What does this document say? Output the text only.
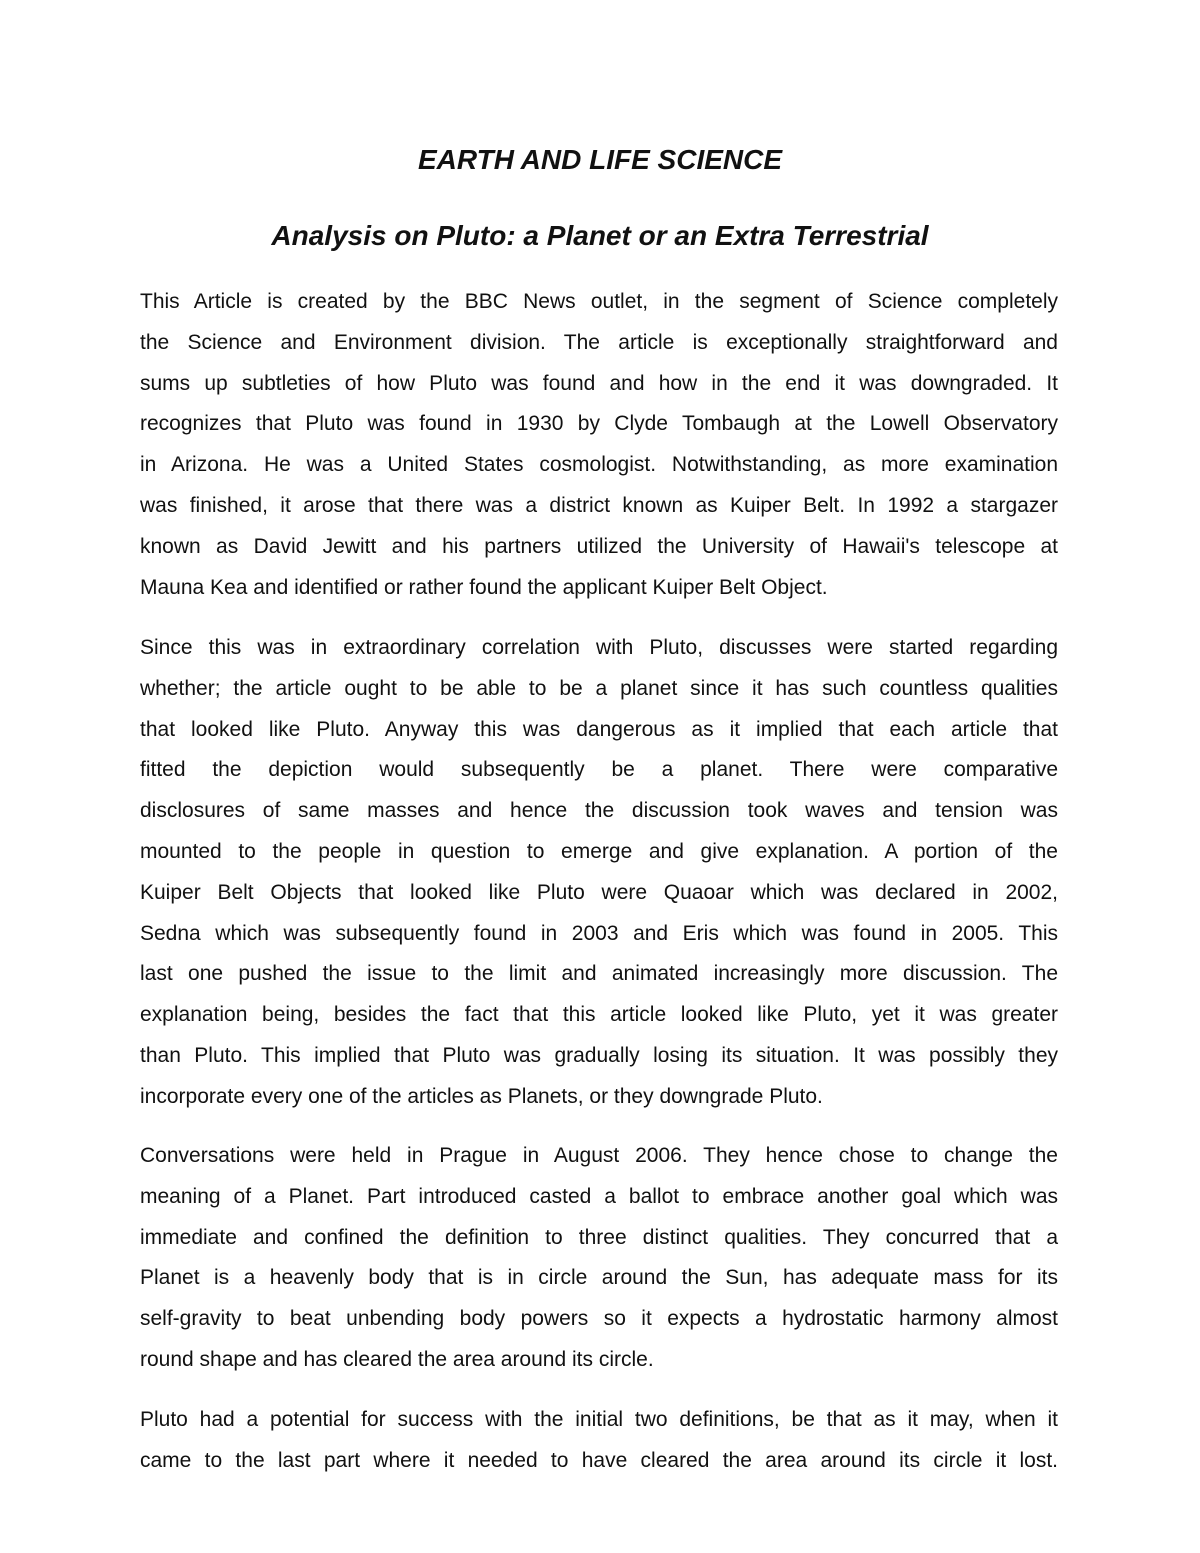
EARTH AND LIFE SCIENCE
Analysis on Pluto: a Planet or an Extra Terrestrial
This Article is created by the BBC News outlet, in the segment of Science completely
the Science and Environment division. The article is exceptionally straightforward and
sums up subtleties of how Pluto was found and how in the end it was downgraded. It
recognizes that Pluto was found in 1930 by Clyde Tombaugh at the Lowell Observatory
in Arizona. He was a United States cosmologist. Notwithstanding, as more examination
was finished, it arose that there was a district known as Kuiper Belt. In 1992 a stargazer
known as David Jewitt and his partners utilized the University of Hawaii's telescope at
Mauna Kea and identified or rather found the applicant Kuiper Belt Object.
Since this was in extraordinary correlation with Pluto, discusses were started regarding
whether; the article ought to be able to be a planet since it has such countless qualities
that looked like Pluto. Anyway this was dangerous as it implied that each article that
fitted the depiction would subsequently be a planet. There were comparative
disclosures of same masses and hence the discussion took waves and tension was
mounted to the people in question to emerge and give explanation. A portion of the
Kuiper Belt Objects that looked like Pluto were Quaoar which was declared in 2002,
Sedna which was subsequently found in 2003 and Eris which was found in 2005. This
last one pushed the issue to the limit and animated increasingly more discussion. The
explanation being, besides the fact that this article looked like Pluto, yet it was greater
than Pluto. This implied that Pluto was gradually losing its situation. It was possibly they
incorporate every one of the articles as Planets, or they downgrade Pluto.
Conversations were held in Prague in August 2006. They hence chose to change the
meaning of a Planet. Part introduced casted a ballot to embrace another goal which was
immediate and confined the definition to three distinct qualities. They concurred that a
Planet is a heavenly body that is in circle around the Sun, has adequate mass for its
self-gravity to beat unbending body powers so it expects a hydrostatic harmony almost
round shape and has cleared the area around its circle.
Pluto had a potential for success with the initial two definitions, be that as it may, when it
came to the last part where it needed to have cleared the area around its circle it lost.
